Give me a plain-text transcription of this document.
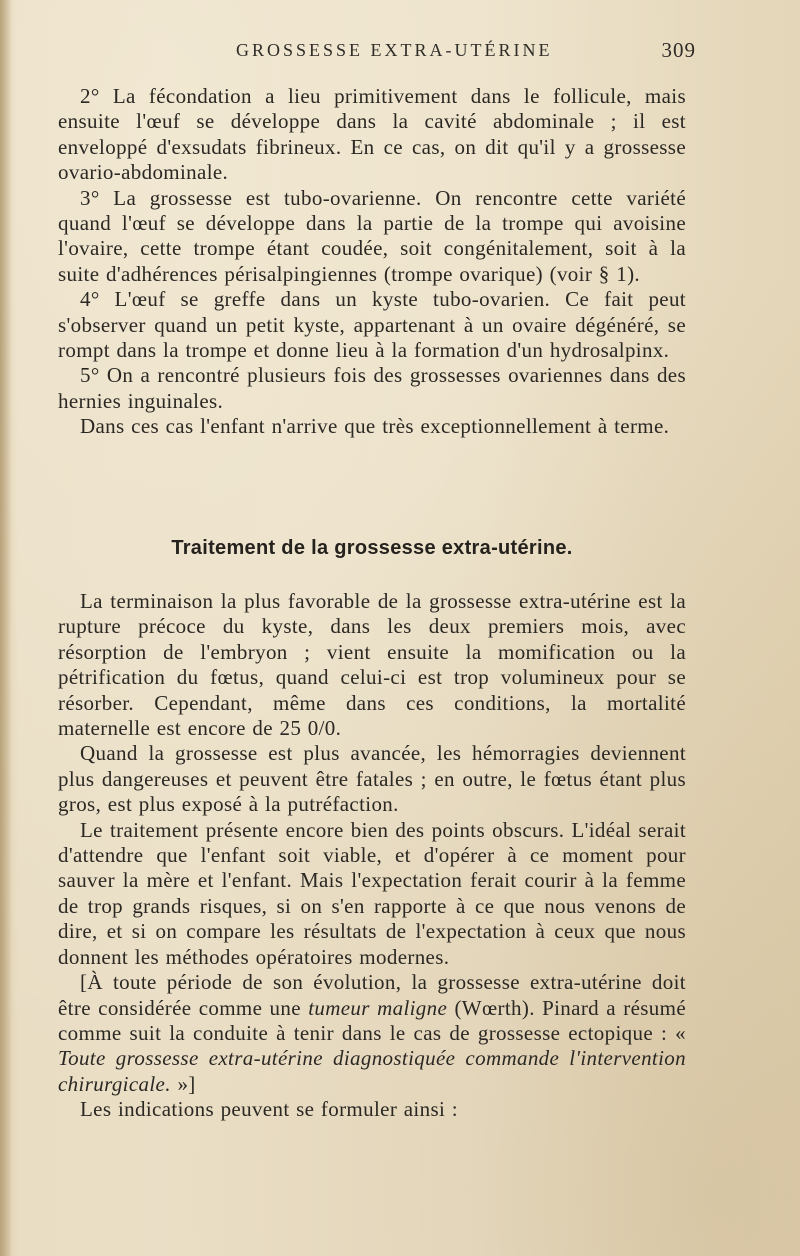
GROSSESSE EXTRA-UTÉRINE	309

2° La fécondation a lieu primitivement dans le follicule, mais ensuite l'œuf se développe dans la cavité abdominale ; il est enveloppé d'exsudats fibrineux. En ce cas, on dit qu'il y a grossesse ovario-abdominale.

3° La grossesse est tubo-ovarienne. On rencontre cette variété quand l'œuf se développe dans la partie de la trompe qui avoisine l'ovaire, cette trompe étant coudée, soit congénitalement, soit à la suite d'adhérences périsalpingiennes (trompe ovarique) (voir § 1).

4° L'œuf se greffe dans un kyste tubo-ovarien. Ce fait peut s'observer quand un petit kyste, appartenant à un ovaire dégénéré, se rompt dans la trompe et donne lieu à la formation d'un hydrosalpinx.

5° On a rencontré plusieurs fois des grossesses ovariennes dans des hernies inguinales.

Dans ces cas l'enfant n'arrive que très exceptionnellement à terme.

Traitement de la grossesse extra-utérine.

La terminaison la plus favorable de la grossesse extra-utérine est la rupture précoce du kyste, dans les deux premiers mois, avec résorption de l'embryon ; vient ensuite la momification ou la pétrification du fœtus, quand celui-ci est trop volumineux pour se résorber. Cependant, même dans ces conditions, la mortalité maternelle est encore de 25 0/0.

Quand la grossesse est plus avancée, les hémorragies deviennent plus dangereuses et peuvent être fatales ; en outre, le fœtus étant plus gros, est plus exposé à la putréfaction.

Le traitement présente encore bien des points obscurs. L'idéal serait d'attendre que l'enfant soit viable, et d'opérer à ce moment pour sauver la mère et l'enfant. Mais l'expectation ferait courir à la femme de trop grands risques, si on s'en rapporte à ce que nous venons de dire, et si on compare les résultats de l'expectation à ceux que nous donnent les méthodes opératoires modernes.

[À toute période de son évolution, la grossesse extra-utérine doit être considérée comme une tumeur maligne (Wœrth). Pinard a résumé comme suit la conduite à tenir dans le cas de grossesse ectopique : « Toute grossesse extra-utérine diagnostiquée commande l'intervention chirurgicale. »]

Les indications peuvent se formuler ainsi :
